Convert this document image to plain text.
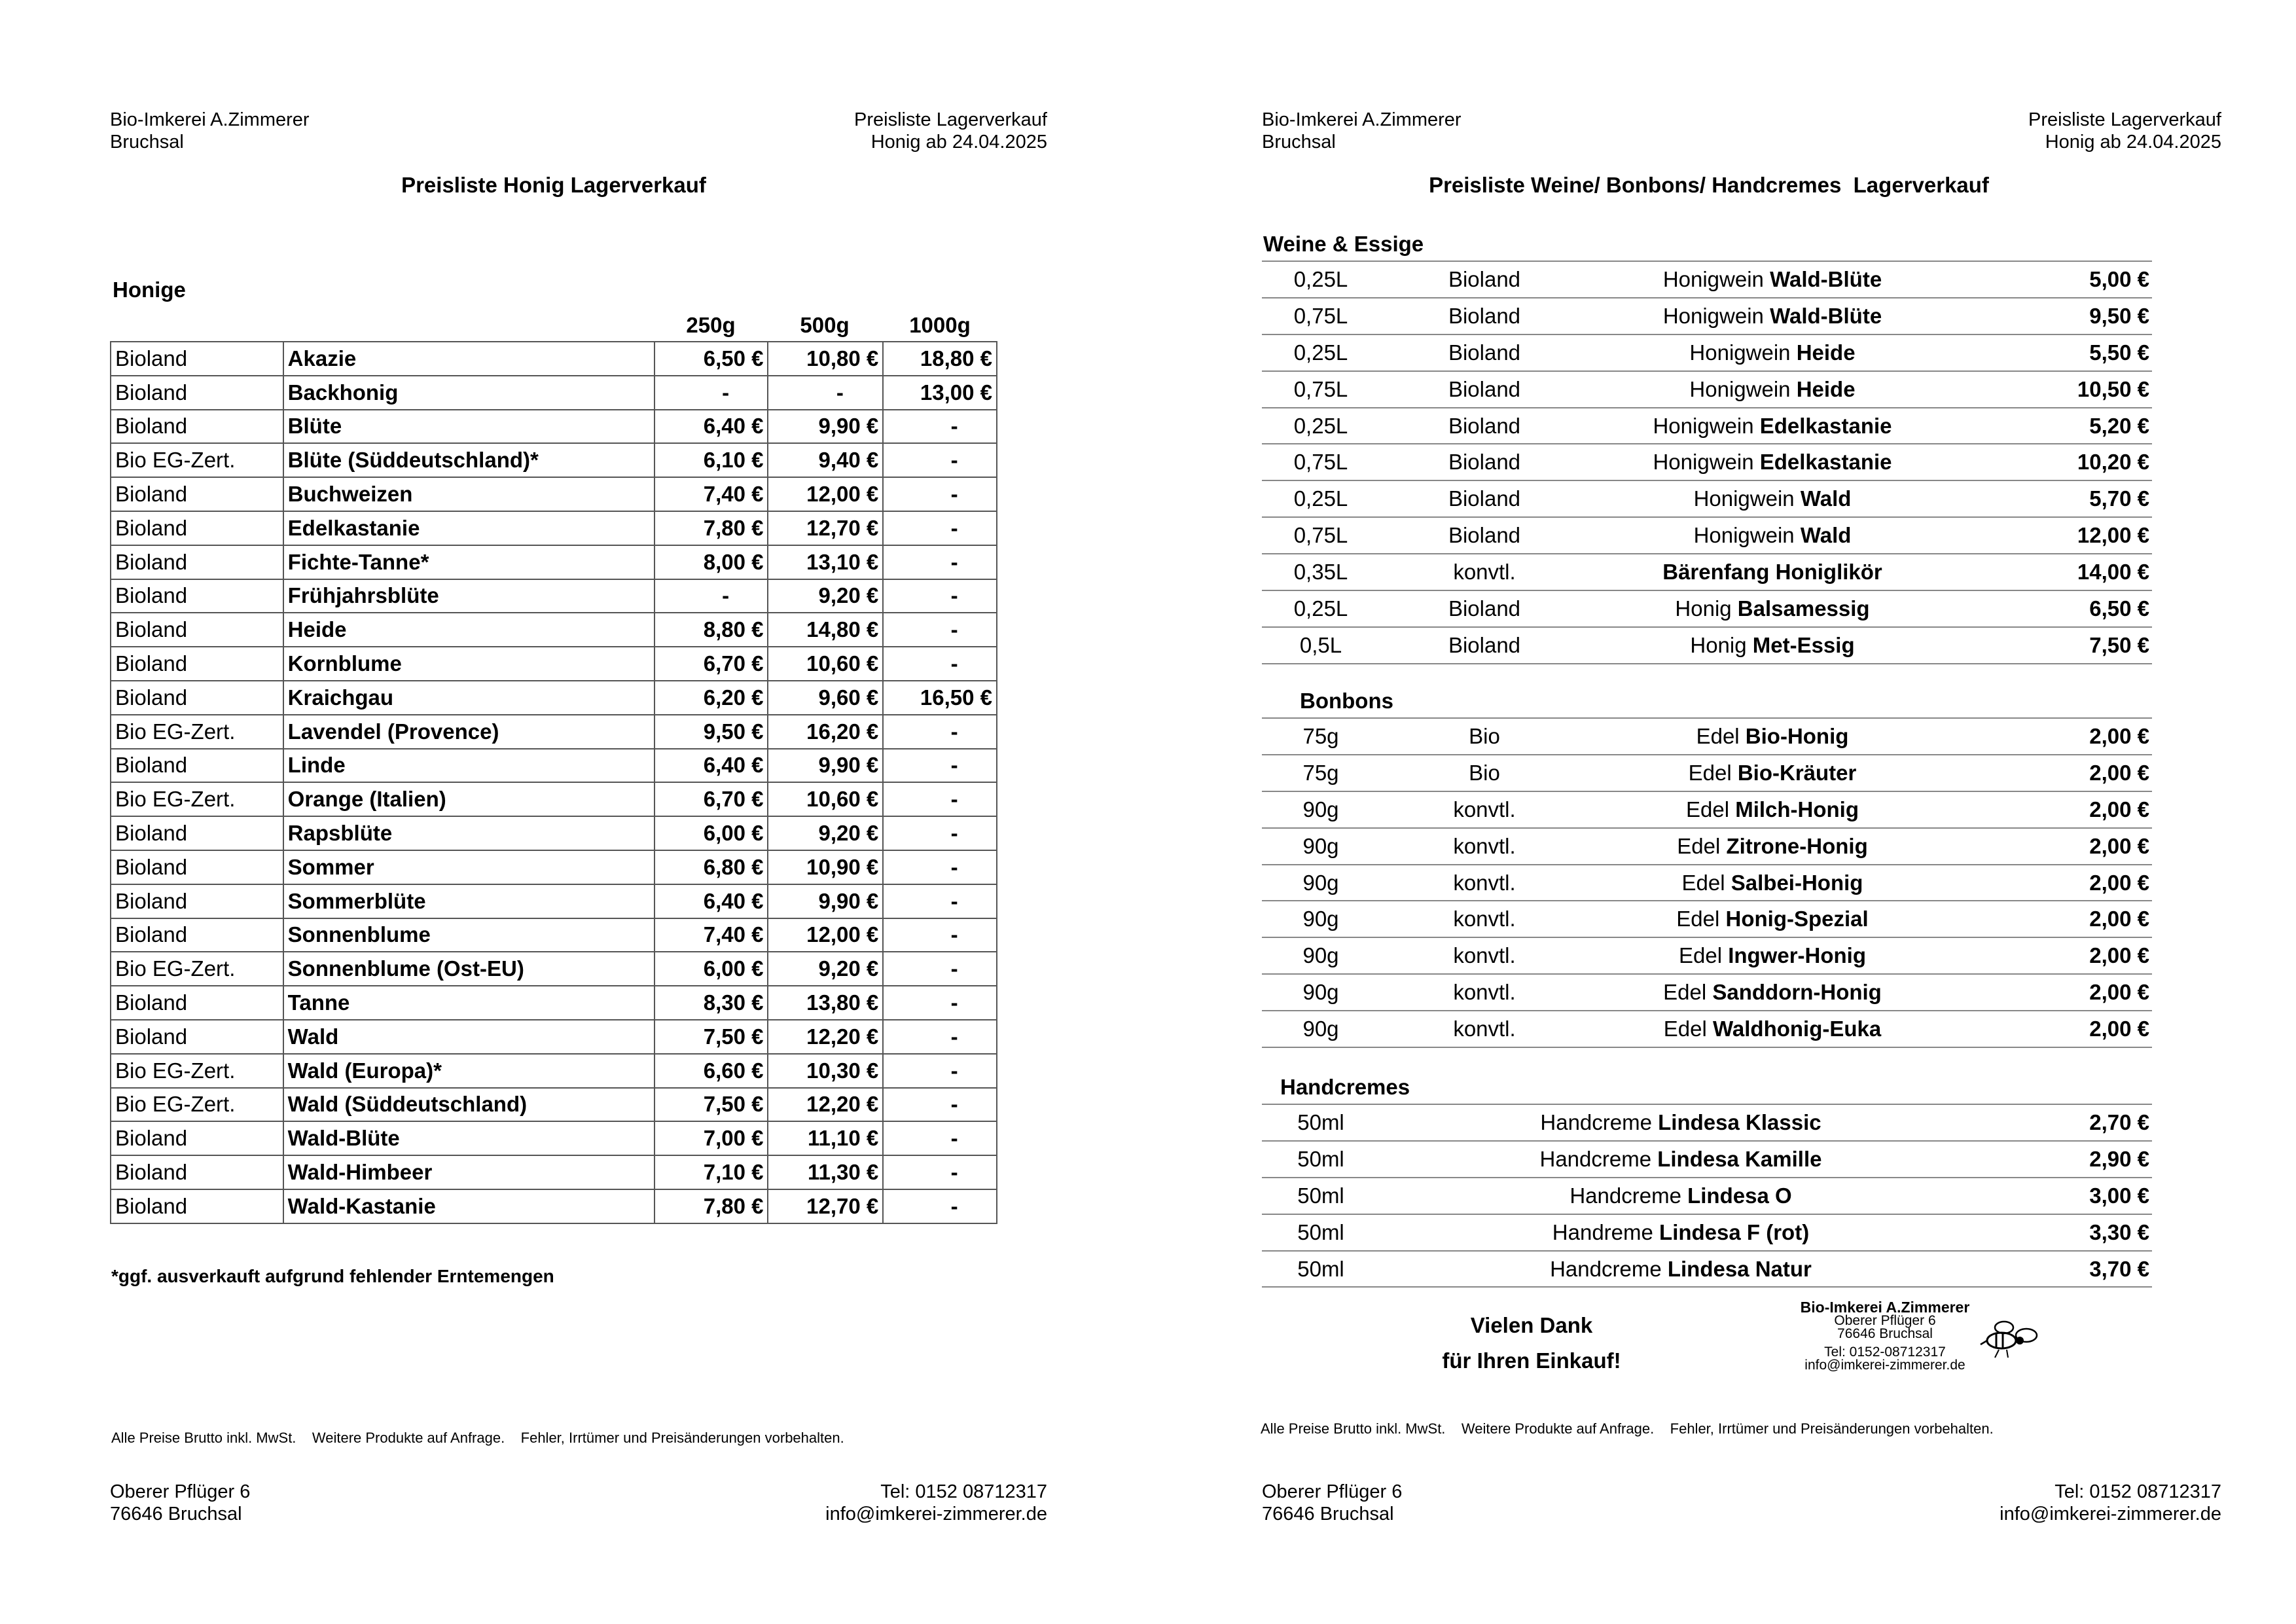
Bio-Imkerei A.Zimmerer
Bruchsal
Preisliste Lagerverkauf
Honig ab 24.04.2025
Preisliste Honig Lagerverkauf
Honige
250g	500g	1000g
Bioland	Akazie	6,50 €	10,80 €	18,80 €
Bioland	Backhonig	-	-	13,00 €
Bioland	Blüte	6,40 €	9,90 €	-
Bio EG-Zert.	Blüte (Süddeutschland)*	6,10 €	9,40 €	-
Bioland	Buchweizen	7,40 €	12,00 €	-
Bioland	Edelkastanie	7,80 €	12,70 €	-
Bioland	Fichte-Tanne*	8,00 €	13,10 €	-
Bioland	Frühjahrsblüte	-	9,20 €	-
Bioland	Heide	8,80 €	14,80 €	-
Bioland	Kornblume	6,70 €	10,60 €	-
Bioland	Kraichgau	6,20 €	9,60 €	16,50 €
Bio EG-Zert.	Lavendel (Provence)	9,50 €	16,20 €	-
Bioland	Linde	6,40 €	9,90 €	-
Bio EG-Zert.	Orange (Italien)	6,70 €	10,60 €	-
Bioland	Rapsblüte	6,00 €	9,20 €	-
Bioland	Sommer	6,80 €	10,90 €	-
Bioland	Sommerblüte	6,40 €	9,90 €	-
Bioland	Sonnenblume	7,40 €	12,00 €	-
Bio EG-Zert.	Sonnenblume (Ost-EU)	6,00 €	9,20 €	-
Bioland	Tanne	8,30 €	13,80 €	-
Bioland	Wald	7,50 €	12,20 €	-
Bio EG-Zert.	Wald (Europa)*	6,60 €	10,30 €	-
Bio EG-Zert.	Wald (Süddeutschland)	7,50 €	12,20 €	-
Bioland	Wald-Blüte	7,00 €	11,10 €	-
Bioland	Wald-Himbeer	7,10 €	11,30 €	-
Bioland	Wald-Kastanie	7,80 €	12,70 €	-
*ggf. ausverkauft aufgrund fehlender Erntemengen
Alle Preise Brutto inkl. MwSt.    Weitere Produkte auf Anfrage.    Fehler, Irrtümer und Preisänderungen vorbehalten.
Oberer Pflüger 6
76646 Bruchsal
Tel: 0152 08712317
info@imkerei-zimmerer.de
Bio-Imkerei A.Zimmerer
Bruchsal
Preisliste Lagerverkauf
Honig ab 24.04.2025
Preisliste Weine/ Bonbons/ Handcremes  Lagerverkauf
Weine & Essige
0,25L	Bioland	Honigwein Wald-Blüte	5,00 €
0,75L	Bioland	Honigwein Wald-Blüte	9,50 €
0,25L	Bioland	Honigwein Heide	5,50 €
0,75L	Bioland	Honigwein Heide	10,50 €
0,25L	Bioland	Honigwein Edelkastanie	5,20 €
0,75L	Bioland	Honigwein Edelkastanie	10,20 €
0,25L	Bioland	Honigwein Wald	5,70 €
0,75L	Bioland	Honigwein Wald	12,00 €
0,35L	konvtl.	Bärenfang Honiglikör	14,00 €
0,25L	Bioland	Honig Balsamessig	6,50 €
0,5L	Bioland	Honig Met-Essig	7,50 €
Bonbons
75g	Bio	Edel Bio-Honig	2,00 €
75g	Bio	Edel Bio-Kräuter	2,00 €
90g	konvtl.	Edel Milch-Honig	2,00 €
90g	konvtl.	Edel Zitrone-Honig	2,00 €
90g	konvtl.	Edel Salbei-Honig	2,00 €
90g	konvtl.	Edel Honig-Spezial	2,00 €
90g	konvtl.	Edel Ingwer-Honig	2,00 €
90g	konvtl.	Edel Sanddorn-Honig	2,00 €
90g	konvtl.	Edel Waldhonig-Euka	2,00 €
Handcremes
50ml	Handcreme Lindesa Klassic	2,70 €
50ml	Handcreme Lindesa Kamille	2,90 €
50ml	Handcreme Lindesa O	3,00 €
50ml	Handreme Lindesa F (rot)	3,30 €
50ml	Handcreme Lindesa Natur	3,70 €
Vielen Dank
für Ihren Einkauf!
Bio-Imkerei A.Zimmerer
Oberer Pflüger 6
76646 Bruchsal
Tel: 0152-08712317
info@imkerei-zimmerer.de
Alle Preise Brutto inkl. MwSt.    Weitere Produkte auf Anfrage.    Fehler, Irrtümer und Preisänderungen vorbehalten.
Oberer Pflüger 6
76646 Bruchsal
Tel: 0152 08712317
info@imkerei-zimmerer.de
